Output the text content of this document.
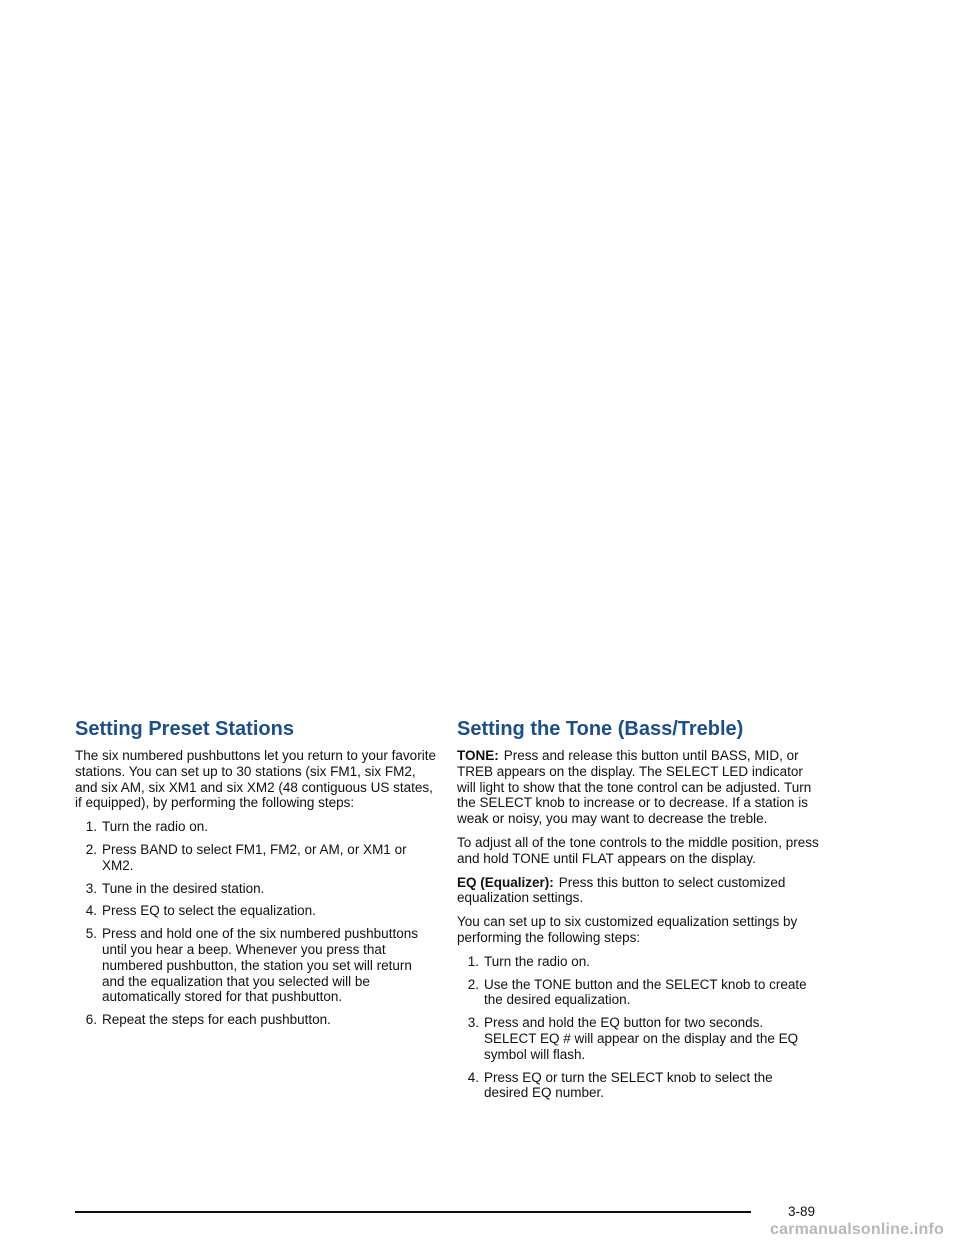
Setting Preset Stations

The six numbered pushbuttons let you return to your favorite stations. You can set up to 30 stations (six FM1, six FM2, and six AM, six XM1 and six XM2 (48 contiguous US states, if equipped), by performing the following steps:

1. Turn the radio on.
2. Press BAND to select FM1, FM2, or AM, or XM1 or XM2.
3. Tune in the desired station.
4. Press EQ to select the equalization.
5. Press and hold one of the six numbered pushbuttons until you hear a beep. Whenever you press that numbered pushbutton, the station you set will return and the equalization that you selected will be automatically stored for that pushbutton.
6. Repeat the steps for each pushbutton.
Setting the Tone (Bass/Treble)

TONE: Press and release this button until BASS, MID, or TREB appears on the display. The SELECT LED indicator will light to show that the tone control can be adjusted. Turn the SELECT knob to increase or to decrease. If a station is weak or noisy, you may want to decrease the treble.

To adjust all of the tone controls to the middle position, press and hold TONE until FLAT appears on the display.

EQ (Equalizer): Press this button to select customized equalization settings.

You can set up to six customized equalization settings by performing the following steps:

1. Turn the radio on.
2. Use the TONE button and the SELECT knob to create the desired equalization.
3. Press and hold the EQ button for two seconds. SELECT EQ # will appear on the display and the EQ symbol will flash.
4. Press EQ or turn the SELECT knob to select the desired EQ number.
3-89
carmanualsonline.info
